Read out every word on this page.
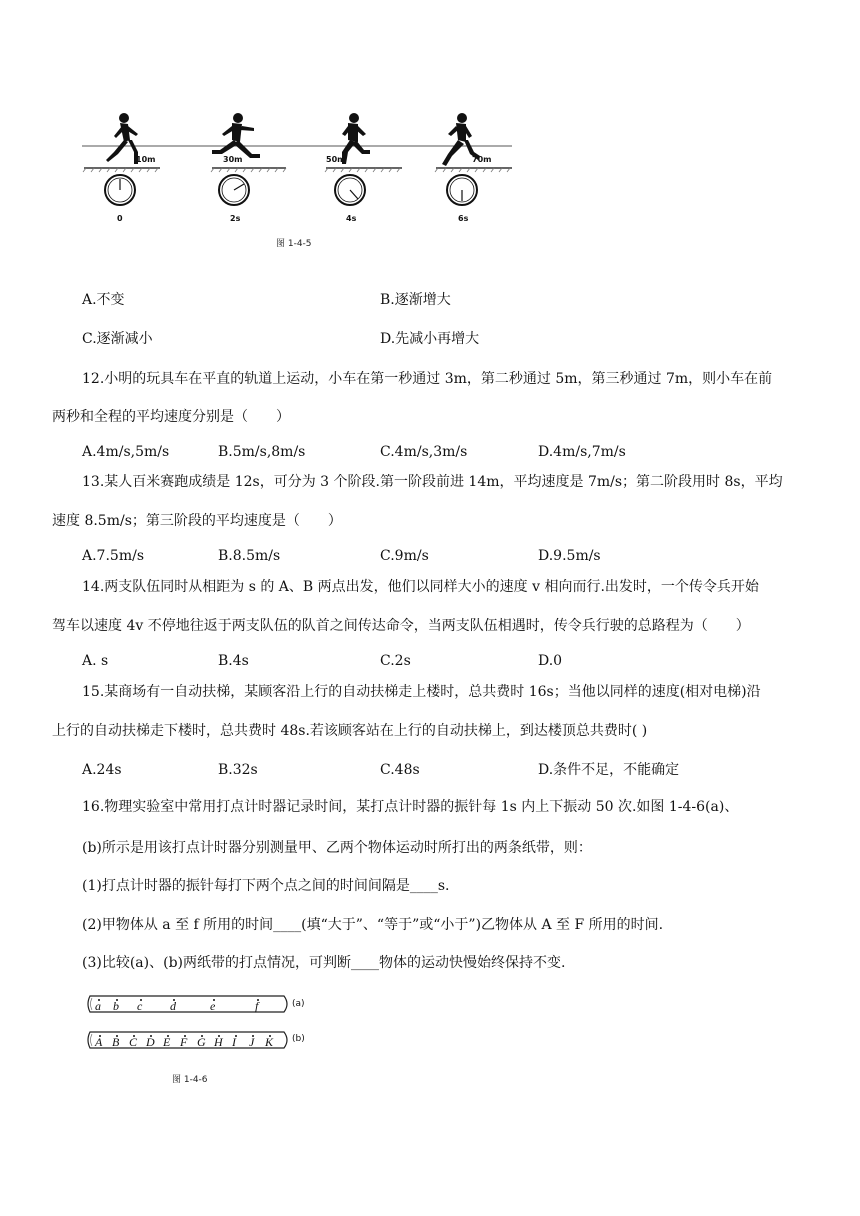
10m	30m	50m	70m
0	2s	4s	6s
图 1-4-5
A.不变	B.逐渐增大
C.逐渐减小	D.先减小再增大
12.小明的玩具车在平直的轨道上运动，小车在第一秒通过 3m，第二秒通过 5m，第三秒通过 7m，则小车在前
两秒和全程的平均速度分别是（　　）
A.4m/s,5m/s	B.5m/s,8m/s	C.4m/s,3m/s	D.4m/s,7m/s
13.某人百米赛跑成绩是 12s，可分为 3 个阶段.第一阶段前进 14m，平均速度是 7m/s；第二阶段用时 8s，平均
速度 8.5m/s；第三阶段的平均速度是（　　）
A.7.5m/s	B.8.5m/s	C.9m/s	D.9.5m/s
14.两支队伍同时从相距为 s 的 A、B 两点出发，他们以同样大小的速度 v 相向而行.出发时，一个传令兵开始
驾车以速度 4v 不停地往返于两支队伍的队首之间传达命令，当两支队伍相遇时，传令兵行驶的总路程为（　　）
A. s	B.4s	C.2s	D.0
15.某商场有一自动扶梯，某顾客沿上行的自动扶梯走上楼时，总共费时 16s；当他以同样的速度(相对电梯)沿
上行的自动扶梯走下楼时，总共费时 48s.若该顾客站在上行的自动扶梯上，到达楼顶总共费时( )
A.24s	B.32s	C.48s	D.条件不足，不能确定
16.物理实验室中常用打点计时器记录时间，某打点计时器的振针每 1s 内上下振动 50 次.如图 1-4-6(a)、
(b)所示是用该打点计时器分别测量甲、乙两个物体运动时所打出的两条纸带，则：
(1)打点计时器的振针每打下两个点之间的时间间隔是____s.
(2)甲物体从 a 至 f 所用的时间____(填“大于”、“等于”或“小于”)乙物体从 A 至 F 所用的时间.
(3)比较(a)、(b)两纸带的打点情况，可判断____物体的运动快慢始终保持不变.
a b c d	e	f	(a)
A B C D E F G H I J K (b)
图 1-4-6
